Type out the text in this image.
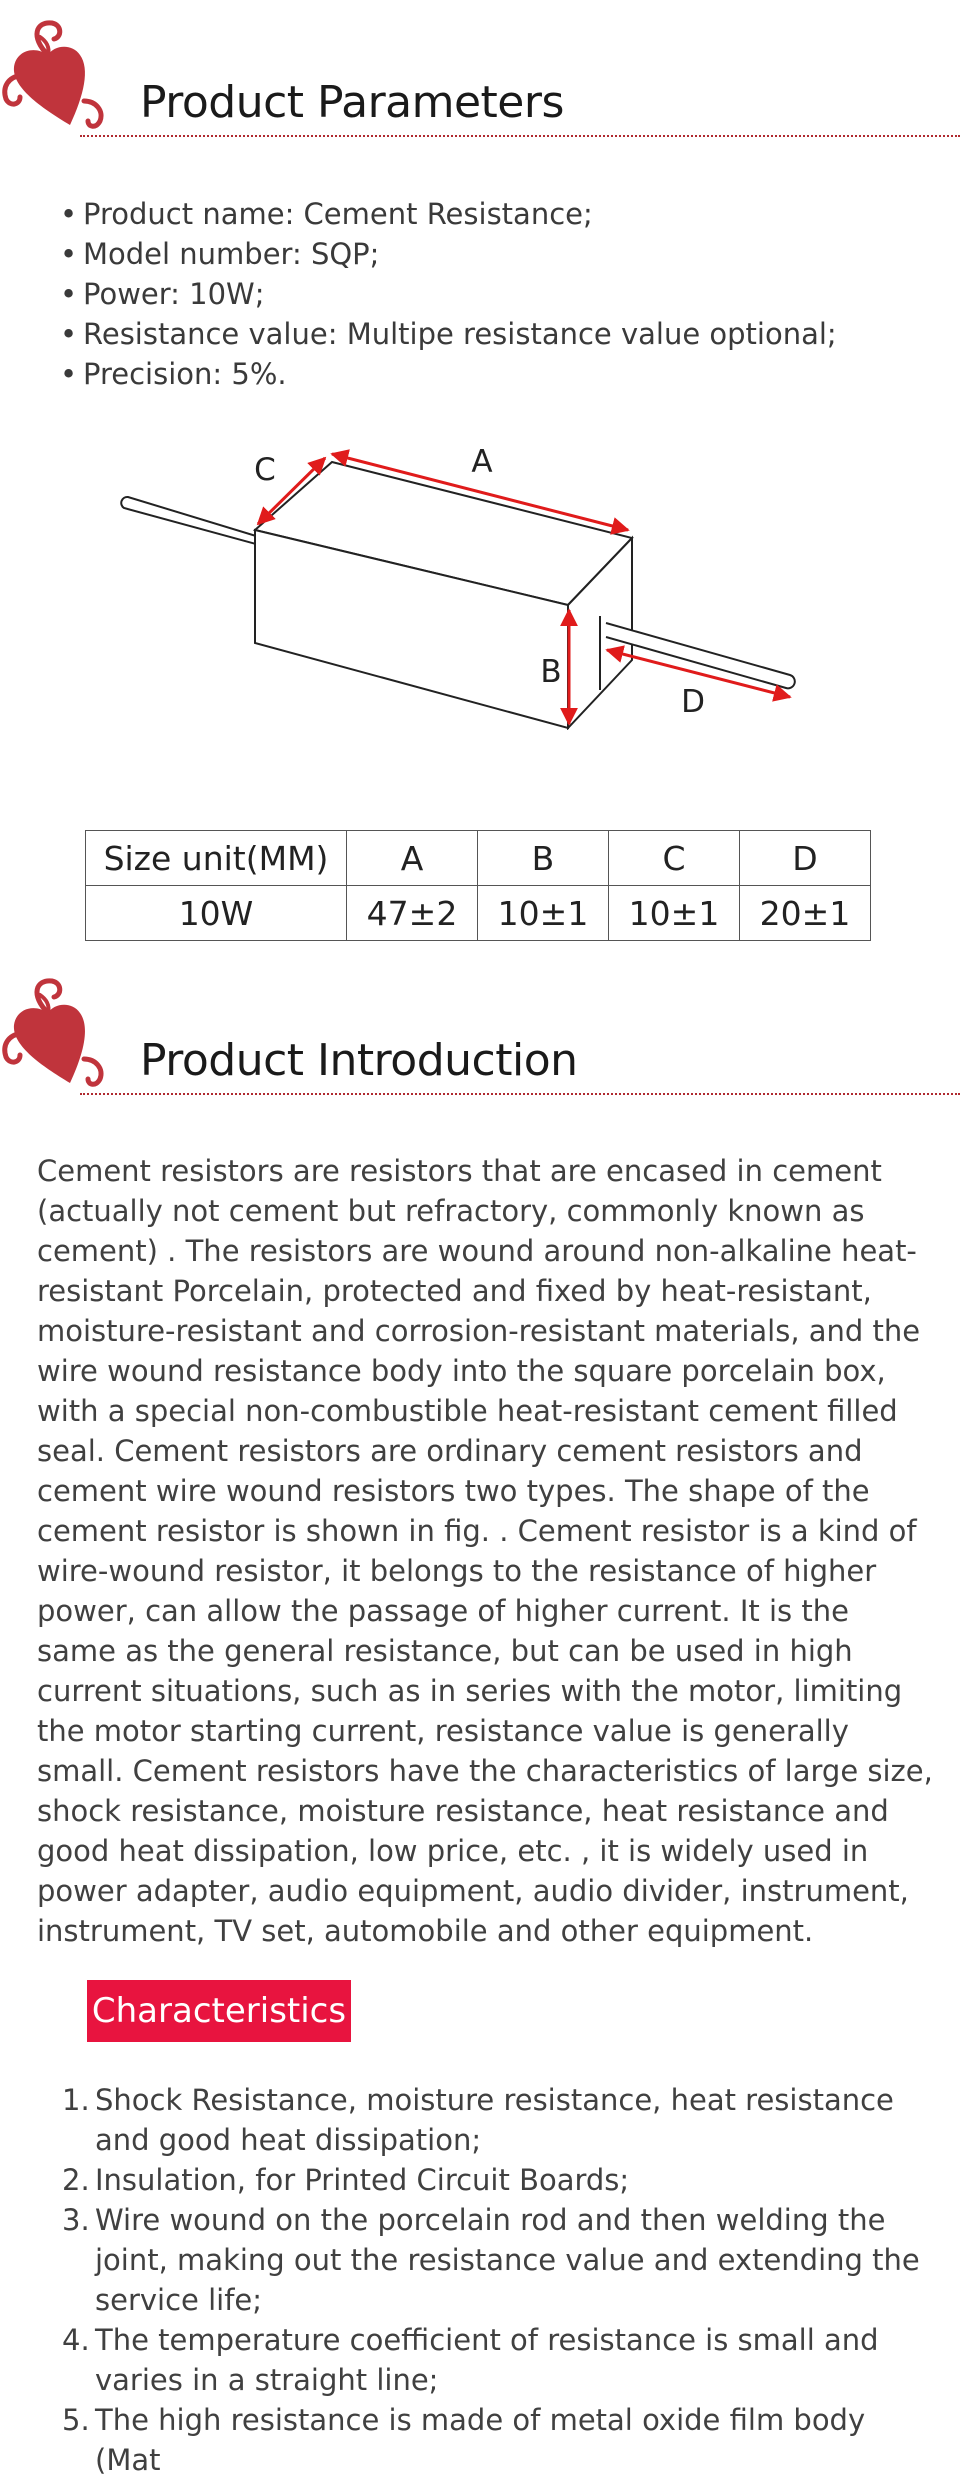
Product Parameters
• Product name: Cement Resistance;
• Model number: SQP;
• Power: 10W;
• Resistance value: Multipe resistance value optional;
• Precision: 5%.
A
C
B
D
Size unit(MM)	A	B	C	D
10W	47±2	10±1	10±1	20±1
Product Introduction

Cement resistors are resistors that are encased in cement (actually not cement but refractory, commonly known as cement) . The resistors are wound around non-alkaline heat-resistant Porcelain, protected and fixed by heat-resistant, moisture-resistant and corrosion-resistant materials, and the wire wound resistance body into the square porcelain box, with a special non-combustible heat-resistant cement filled seal. Cement resistors are ordinary cement resistors and cement wire wound resistors two types. The shape of the cement resistor is shown in fig. . Cement resistor is a kind of wire-wound resistor, it belongs to the resistance of higher power, can allow the passage of higher current. It is the same as the general resistance, but can be used in high current situations, such as in series with the motor, limiting the motor starting current, resistance value is generally small. Cement resistors have the characteristics of large size, shock resistance, moisture resistance, heat resistance and good heat dissipation, low price, etc. , it is widely used in power adapter, audio equipment, audio divider, instrument, instrument, TV set, automobile and other equipment.

Characteristics
1. Shock Resistance, moisture resistance, heat resistance and good heat dissipation;
2. Insulation, for Printed Circuit Boards;
3. Wire wound on the porcelain rod and then welding the joint, making out the resistance value and extending the service life;
4. The temperature coefficient of resistance is small and varies in a straight line;
5. The high resistance is made of metal oxide film body (Mat
